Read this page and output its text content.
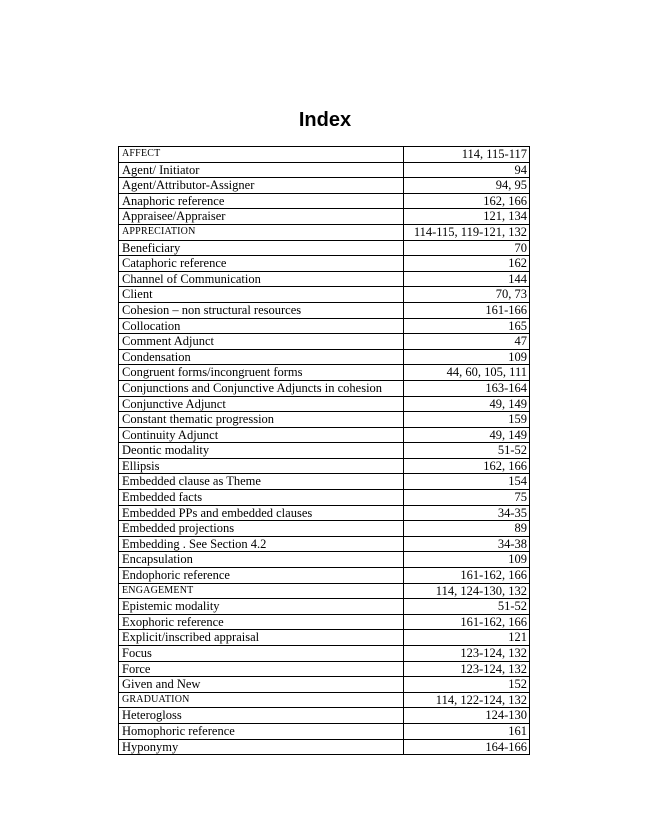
Index
AFFECT	114, 115-117
Agent/ Initiator	94
Agent/Attributor-Assigner	94, 95
Anaphoric reference	162, 166
Appraisee/Appraiser	121, 134
APPRECIATION	114-115, 119-121, 132
Beneficiary	70
Cataphoric reference	162
Channel of Communication	144
Client	70, 73
Cohesion – non structural resources	161-166
Collocation	165
Comment Adjunct	47
Condensation	109
Congruent forms/incongruent forms	44, 60, 105, 111
Conjunctions and Conjunctive Adjuncts in cohesion	163-164
Conjunctive Adjunct	49, 149
Constant thematic progression	159
Continuity Adjunct	49, 149
Deontic modality	51-52
Ellipsis	162, 166
Embedded clause as Theme	154
Embedded facts	75
Embedded PPs and embedded clauses	34-35
Embedded projections	89
Embedding . See Section 4.2	34-38
Encapsulation	109
Endophoric reference	161-162, 166
ENGAGEMENT	114, 124-130, 132
Epistemic modality	51-52
Exophoric reference	161-162, 166
Explicit/inscribed appraisal	121
Focus	123-124, 132
Force	123-124, 132
Given and New	152
GRADUATION	114, 122-124, 132
Heterogloss	124-130
Homophoric reference	161
Hyponymy	164-166
